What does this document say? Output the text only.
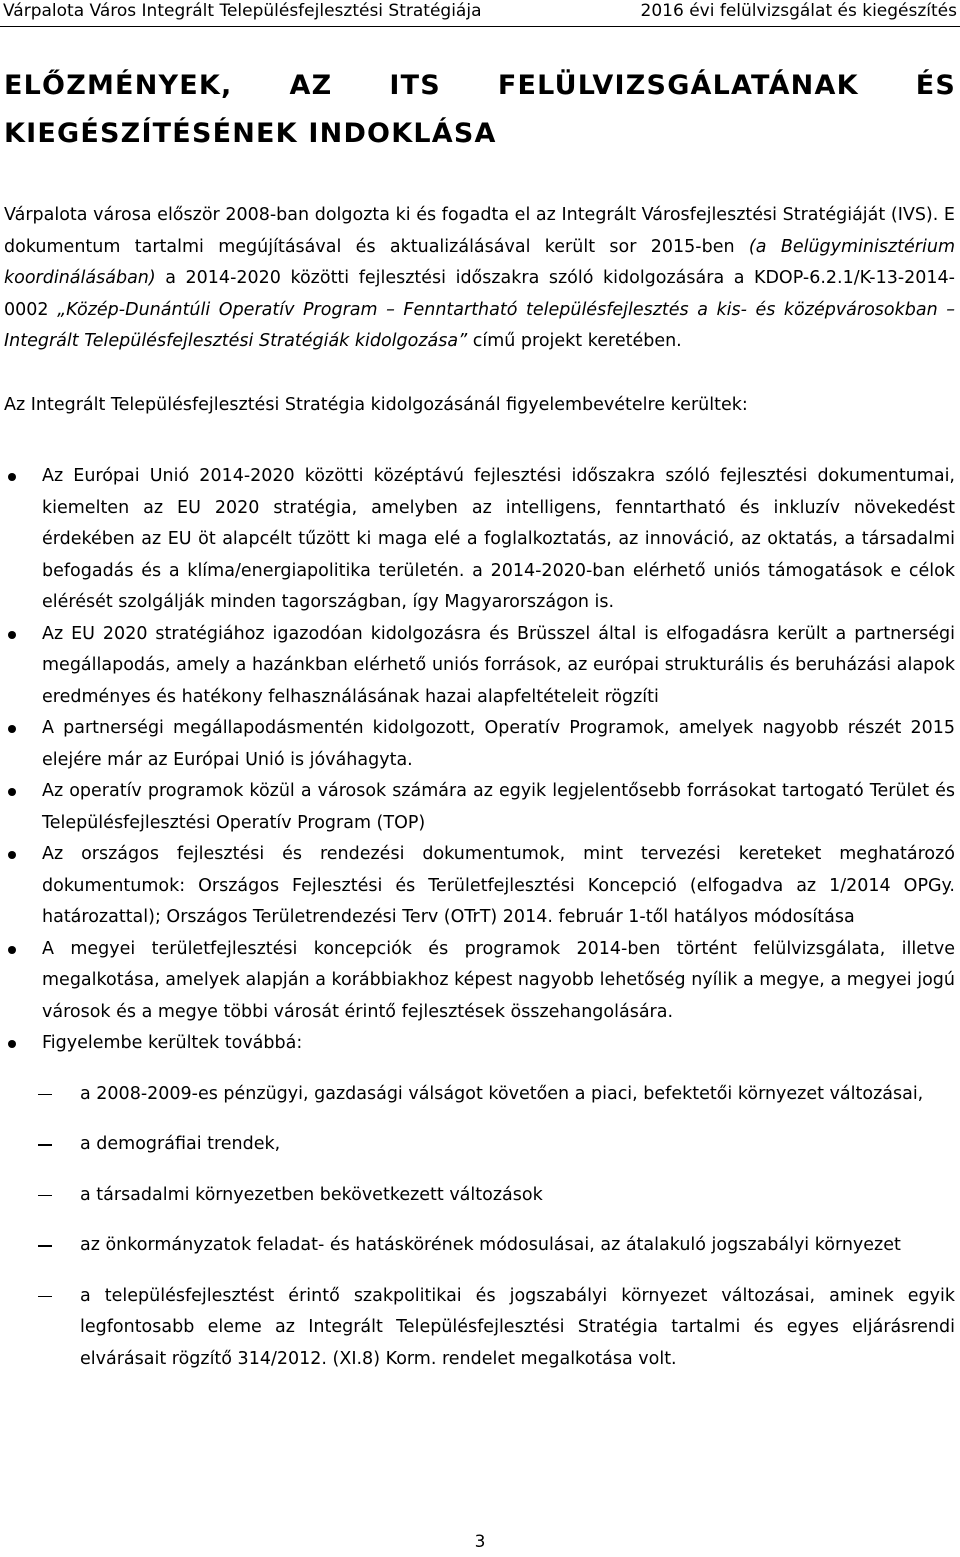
Várpalota Város Integrált Településfejlesztési Stratégiája	2016 évi felülvizsgálat és kiegészítés
ELŐZMÉNYEK, AZ ITS FELÜLVIZSGÁLATÁNAK ÉS
KIEGÉSZÍTÉSÉNEK INDOKLÁSA

Várpalota városa először 2008-ban dolgozta ki és fogadta el az Integrált Városfejlesztési Stratégiáját (IVS). E dokumentum tartalmi megújításával és aktualizálásával került sor 2015-ben (a Belügyminisztérium koordinálásában) a 2014-2020 közötti fejlesztési időszakra szóló kidolgozására a KDOP-6.2.1/K-13-2014-0002 „Közép-Dunántúli Operatív Program – Fenntartható településfejlesztés a kis- és középvárosokban – Integrált Településfejlesztési Stratégiák kidolgozása” című projekt keretében.

Az Integrált Településfejlesztési Stratégia kidolgozásánál figyelembevételre kerültek:

Az Európai Unió 2014-2020 közötti középtávú fejlesztési időszakra szóló fejlesztési dokumentumai, kiemelten az EU 2020 stratégia, amelyben az intelligens, fenntartható és inkluzív növekedést érdekében az EU öt alapcélt tűzött ki maga elé a foglalkoztatás, az innováció, az oktatás, a társadalmi befogadás és a klíma/energiapolitika területén. a 2014-2020-ban elérhető uniós támogatások e célok elérését szolgálják minden tagországban, így Magyarországon is.
Az EU 2020 stratégiához igazodóan kidolgozásra és Brüsszel által is elfogadásra került a partnerségi megállapodás, amely a hazánkban elérhető uniós források, az európai strukturális és beruházási alapok eredményes és hatékony felhasználásának hazai alapfeltételeit rögzíti
A partnerségi megállapodásmentén kidolgozott, Operatív Programok, amelyek nagyobb részét 2015 elejére már az Európai Unió is jóváhagyta.
Az operatív programok közül a városok számára az egyik legjelentősebb forrásokat tartogató Terület és Településfejlesztési Operatív Program (TOP)
Az országos fejlesztési és rendezési dokumentumok, mint tervezési kereteket meghatározó dokumentumok: Országos Fejlesztési és Területfejlesztési Koncepció (elfogadva az 1/2014 OPGy. határozattal); Országos Területrendezési Terv (OTrT) 2014. február 1-től hatályos módosítása
A megyei területfejlesztési koncepciók és programok 2014-ben történt felülvizsgálata, illetve megalkotása, amelyek alapján a korábbiakhoz képest nagyobb lehetőség nyílik a megye, a megyei jogú városok és a megye többi városát érintő fejlesztések összehangolására.
Figyelembe kerültek továbbá:
a 2008-2009-es pénzügyi, gazdasági válságot követően a piaci, befektetői környezet változásai,
a demográfiai trendek,
a társadalmi környezetben bekövetkezett változások
az önkormányzatok feladat- és hatáskörének módosulásai, az átalakuló jogszabályi környezet
a településfejlesztést érintő szakpolitikai és jogszabályi környezet változásai, aminek egyik legfontosabb eleme az Integrált Településfejlesztési Stratégia tartalmi és egyes eljárásrendi elvárásait rögzítő 314/2012. (XI.8) Korm. rendelet megalkotása volt.
3
